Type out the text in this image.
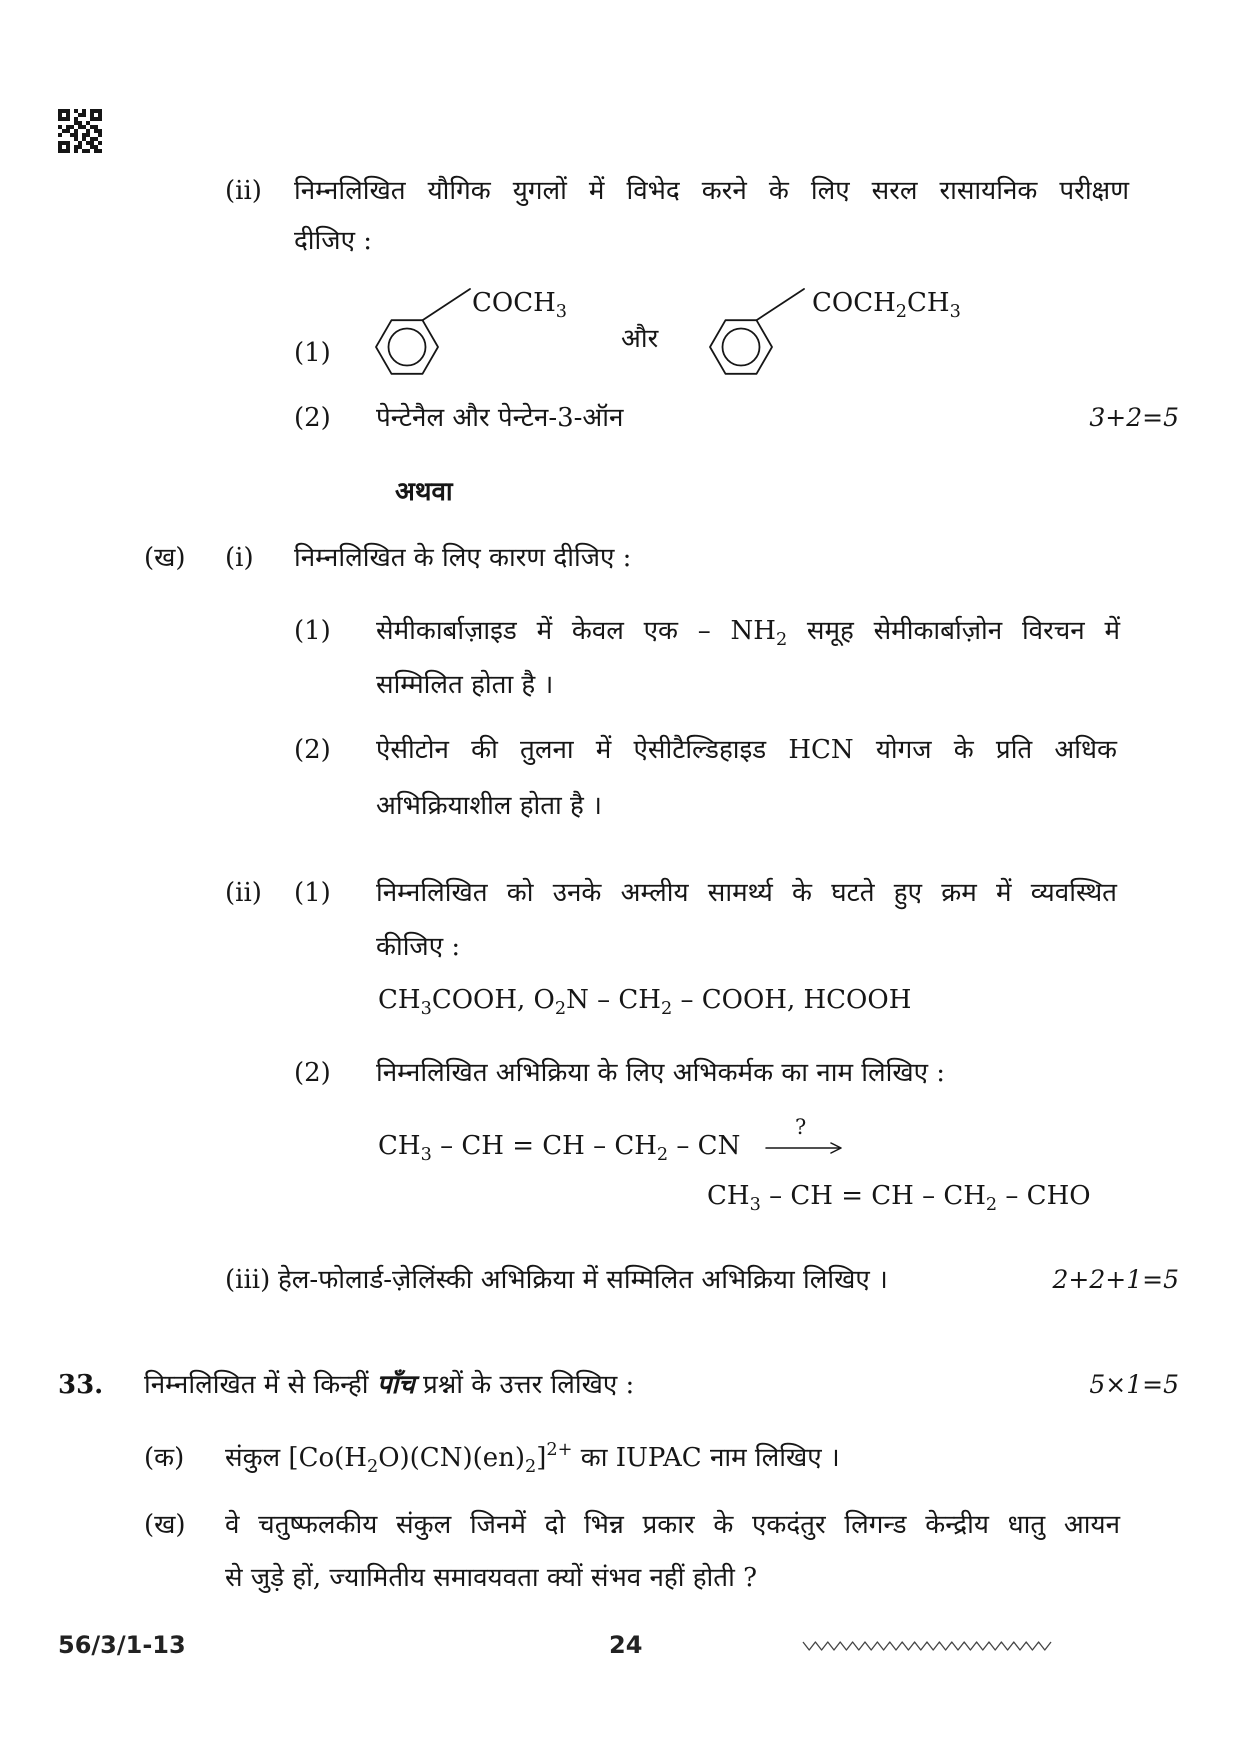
(ii) निम्नलिखित यौगिक युगलों में विभेद करने के लिए सरल रासायनिक परीक्षण
दीजिए :
(1)
$COCH_3$
और
$COCH_2CH_3$
(2) पेन्टेनैल और पेन्टेन-3-ऑन	3+2=5
अथवा
(ख) (i) निम्नलिखित के लिए कारण दीजिए :
(1) सेमीकार्बाज़ाइड में केवल एक – $NH_2$ समूह सेमीकार्बाज़ोन विरचन में
सम्मिलित होता है ।
(2) ऐसीटोन की तुलना में ऐसीटैल्डिहाइड HCN योगज के प्रति अधिक
अभिक्रियाशील होता है ।
(ii) (1) निम्नलिखित को उनके अम्लीय सामर्थ्य के घटते हुए क्रम में व्यवस्थित
कीजिए :
$CH_3COOH$, $O_2N - CH_2$ – COOH, HCOOH
(2) निम्नलिखित अभिक्रिया के लिए अभिकर्मक का नाम लिखिए :
$CH_3$ – CH = CH – $CH_2$ – CN
?
$CH_3$ – CH = CH – $CH_2$ – CHO
(iii) हेल-फोलार्ड-ज़ेलिंस्की अभिक्रिया में सम्मिलित अभिक्रिया लिखिए ।	2+2+1=5
33. निम्नलिखित में से किन्हीं पाँच प्रश्नों के उत्तर लिखिए :	5×1=5
(क) संकुल $[Co(H_2O)(CN)(en)_2]^{2+}$ का IUPAC नाम लिखिए ।
(ख) वे चतुष्फलकीय संकुल जिनमें दो भिन्न प्रकार के एकदंतुर लिगन्ड केन्द्रीय धातु आयन
से जुड़े हों, ज्यामितीय समावयवता क्यों संभव नहीं होती ?
56/3/1-13	24
